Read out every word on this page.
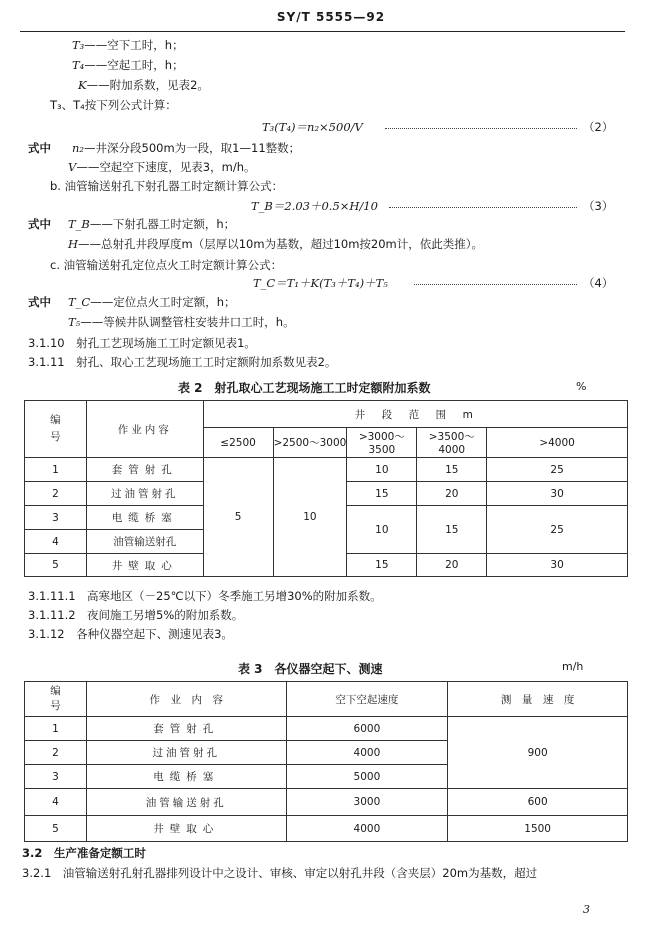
SY/T 5555—92
T₃——空下工时，h；
T₄——空起工时，h；
K——附加系数，见表2。
T₃、T₄按下列公式计算：
T₃(T₄)＝n₂×500/V	（2）
式中 n₂—井深分段500m为一段，取1—11整数；
V——空起空下速度，见表3，m/h。
b. 油管输送射孔下射孔器工时定额计算公式：
T_B＝2.03＋0.5×H/10	（3）
式中 T_B——下射孔器工时定额，h；
H——总射孔井段厚度m（层厚以10m为基数，超过10m按20m计，依此类推）。
c. 油管输送射孔定位点火工时定额计算公式：
T_C＝T₁＋K(T₃＋T₄)＋T₅	（4）
式中 T_C——定位点火工时定额，h；
T₅——等候井队调整管柱安装井口工时，h。
3.1.10　射孔工艺现场施工工时定额见表1。
3.1.11　射孔、取心工艺现场施工工时定额附加系数见表2。
表 2　射孔取心工艺现场施工工时定额附加系数	%
编号	作业内容	井　段　范　围　m				
		≤2500	>2500～3000	>3000～3500	>3500～4000	>4000
1	套管射孔	5	10	10	15	25
2	过油管射孔			15	20	30
3	电缆桥塞			10	15	25
4	油管输送射孔					
5	井壁取心			15	20	30
3.1.11.1　高寒地区（－25℃以下）冬季施工另增30%的附加系数。
3.1.11.2　夜间施工另增5%的附加系数。
3.1.12　各种仪器空起下、测速见表3。
表 3　各仪器空起下、测速	m/h
编号	作　业　内　容	空下空起速度	测　量　速　度
1	套管射孔	6000	900
2	过油管射孔	4000	
3	电缆桥塞	5000	
4	油管输送射孔	3000	600
5	井壁取心	4000	1500
3.2　生产准备定额工时
3.2.1　油管输送射孔射孔器排列设计中之设计、审核、审定以射孔井段（含夹层）20m为基数，超过
3
